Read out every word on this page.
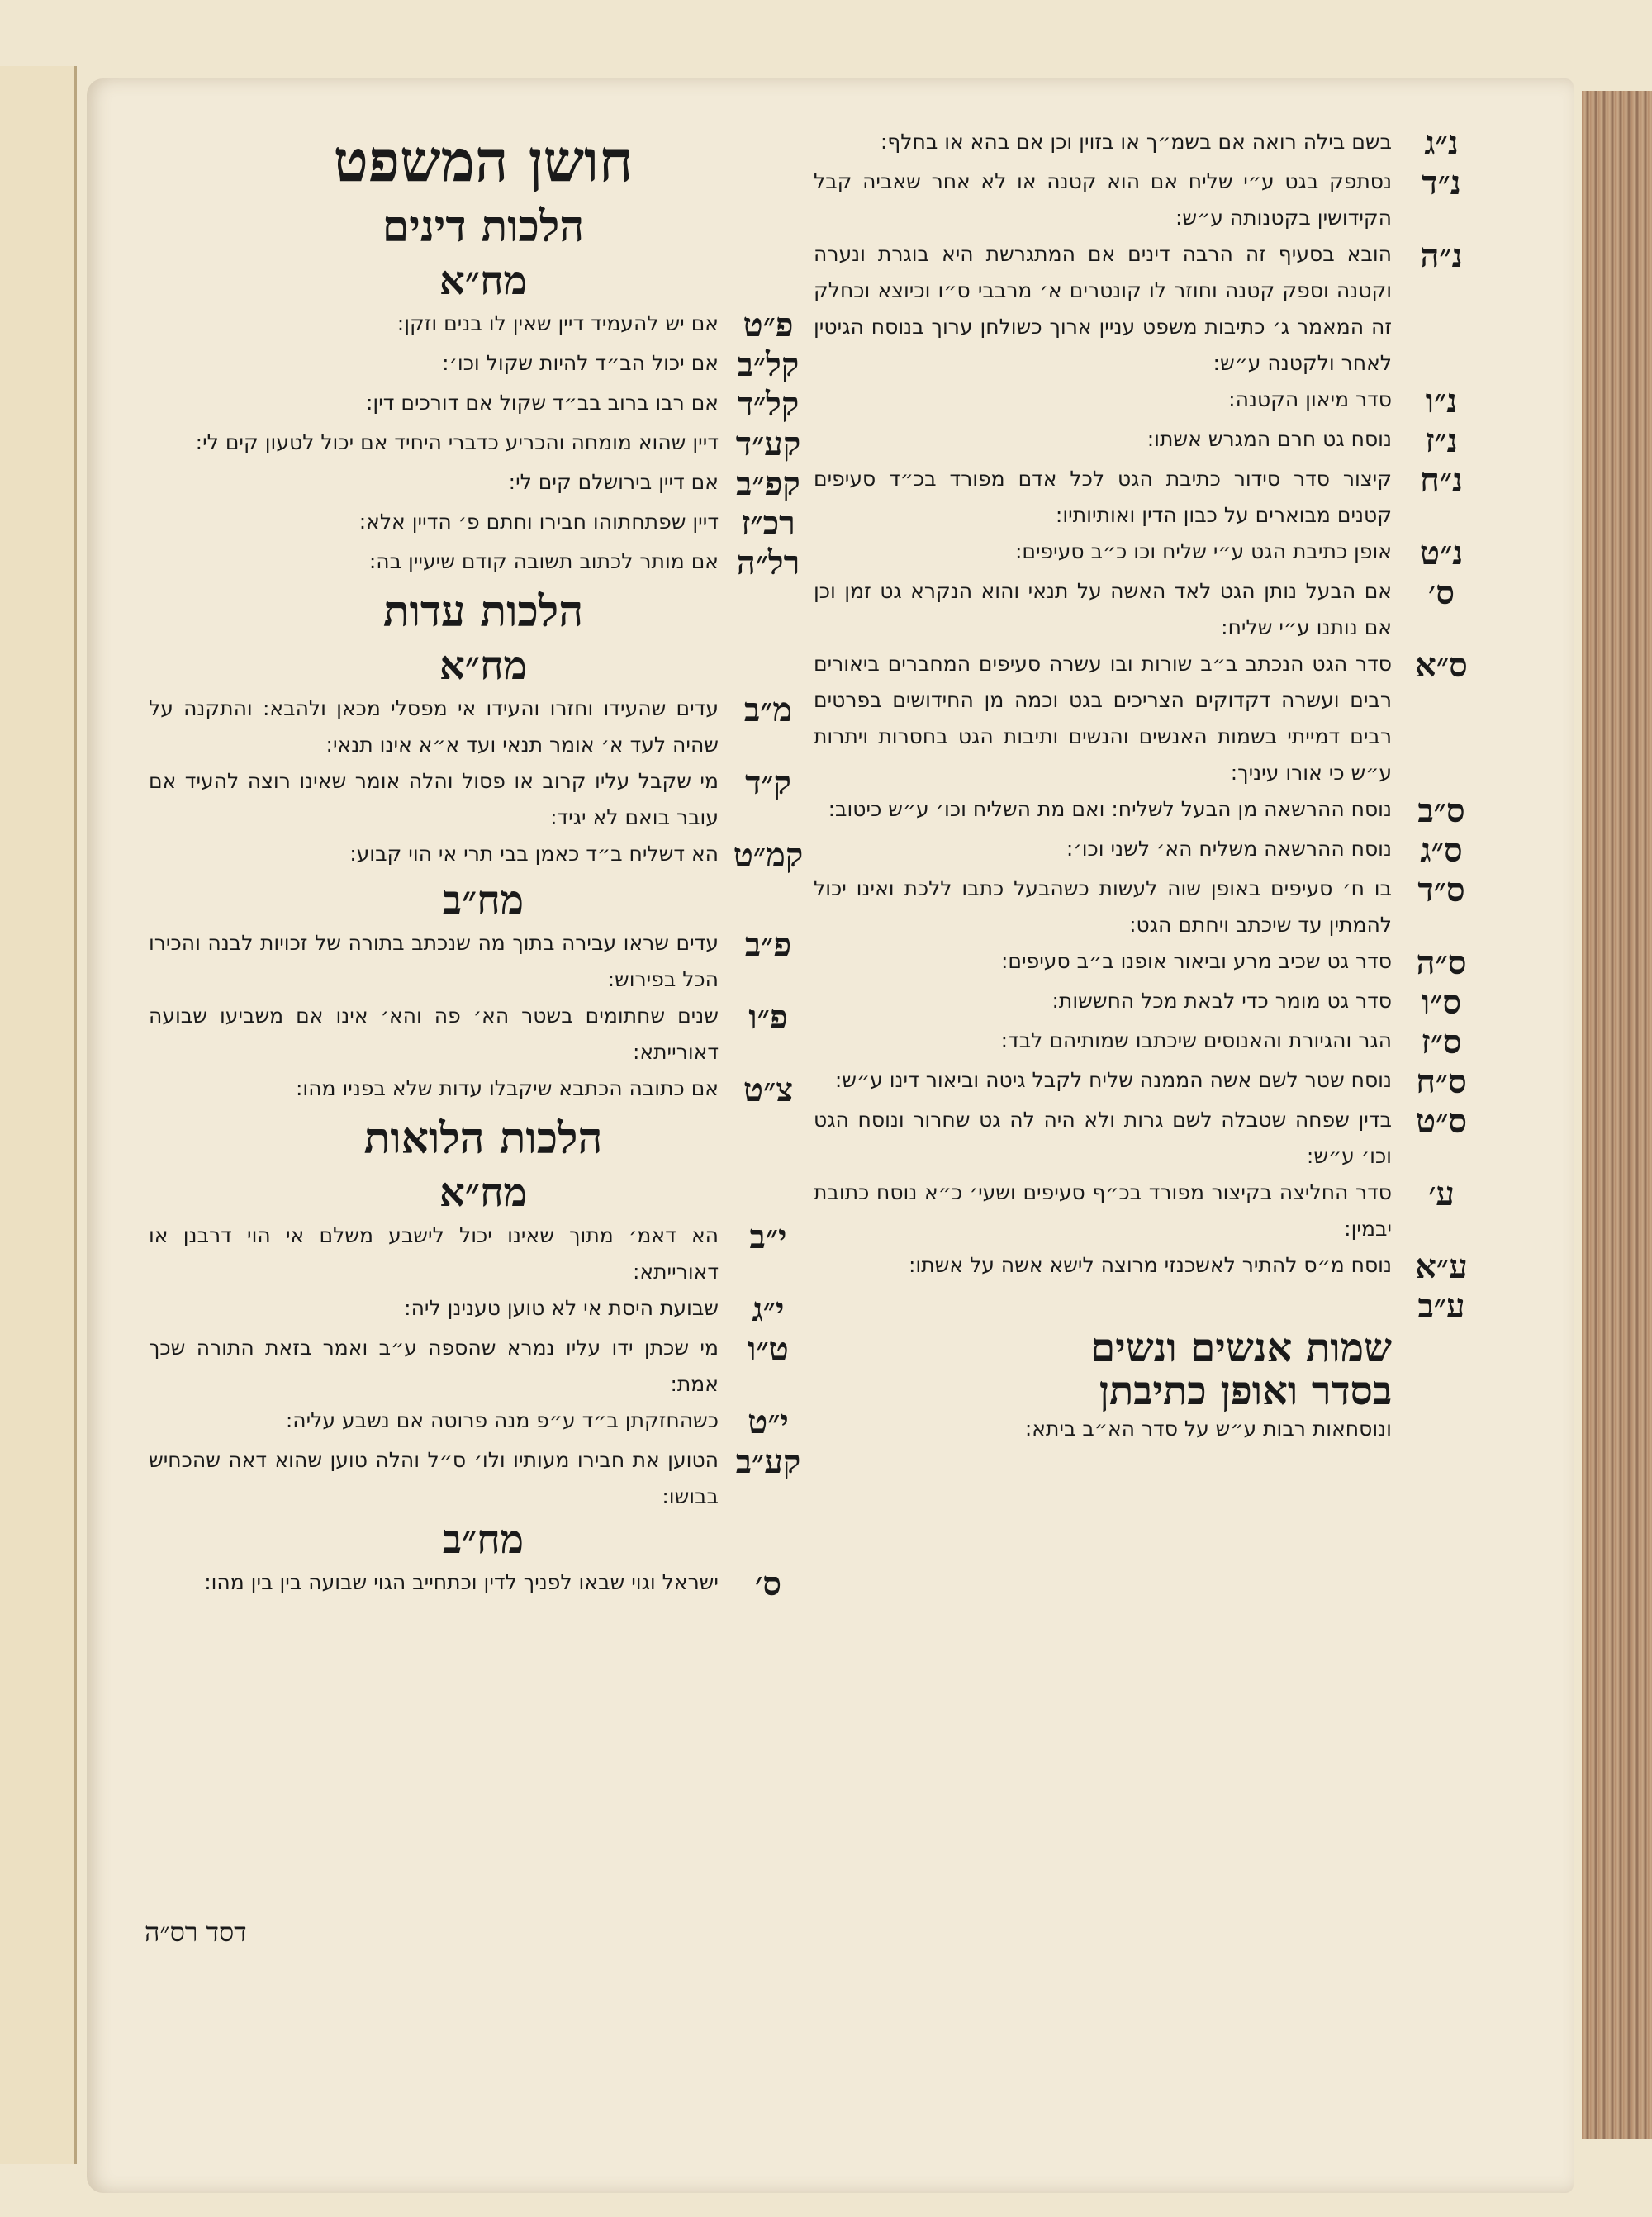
חושן המשפט
הלכות דינים
מח״א
פ״ט
אם יש להעמיד דיין שאין לו בנים וזקן:
קל״ב
אם יכול הב״ד להיות שקול וכו׳:
קל״ד
אם רבו ברוב בב״ד שקול אם דורכים דין:
קע״ד
דיין שהוא מומחה והכריע כדברי היחיד אם יכול לטעון קים לי:
קפ״ב
אם דיין בירושלם קים לי:
רכ״ז
דיין שפתחתוהו חבירו וחתם פ׳ הדיין אלא:
רל״ה
אם מותר לכתוב תשובה קודם שיעיין בה:
הלכות עדות
מח״א
מ״ב
עדים שהעידו וחזרו והעידו אי מפסלי מכאן ולהבא: והתקנה על שהיה לעד א׳ אומר תנאי ועד א״א אינו תנאי:
ק״ד
מי שקבל עליו קרוב או פסול והלה אומר שאינו רוצה להעיד אם עובר בואם לא יגיד:
קמ״ט
הא דשליח ב״ד כאמן בבי תרי אי הוי קבוע:
מח״ב
פ״ב
עדים שראו עבירה בתוך מה שנכתב בתורה של זכויות לבנה והכירו הכל בפירוש:
פ״ו
שנים שחתומים בשטר הא׳ פה והא׳ אינו אם משביעו שבועה דאורייתא:
צ״ט
אם כתובה הכתבא שיקבלו עדות שלא בפניו מהו:
הלכות הלואות
מח״א
י״ב
הא דאמ׳ מתוך שאינו יכול לישבע משלם אי הוי דרבנן או דאורייתא:
י״ג
שבועת היסת אי לא טוען טענינן ליה:
ט״ו
מי שכתן ידו עליו נמרא שהספה ע״ב ואמר בזאת התורה שכך אמת:
י״ט
כשהחזקתן ב״ד ע״פ מנה פרוטה אם נשבע עליה:
קע״ב
הטוען את חבירו מעותיו ולו׳ ס״ל והלה טוען שהוא דאה שהכחיש בבושו:
מח״ב
ס׳
ישראל וגוי שבאו לפניך לדין וכתחייב הגוי שבועה בין בין מהו:
דסד רס״ה
נ״ג
בשם בילה רואה אם בשמ״ך או בזוין וכן אם בהא או בחלף:
נ״ד
נסתפק בגט ע״י שליח אם הוא קטנה או לא אחר שאביה קבל הקידושין בקטנותה ע״ש:
נ״ה
הובא בסעיף זה הרבה דינים אם המתגרשת היא בוגרת ונערה וקטנה וספק קטנה וחוזר לו קונטרים א׳ מרבבי ס״ו וכיוצא וכחלק זה המאמר ג׳ כתיבות משפט עניין ארוך כשולחן ערוך בנוסח הגיטין לאחר ולקטנה ע״ש:
נ״ו
סדר מיאון הקטנה:
נ״ז
נוסח גט חרם המגרש אשתו:
נ״ח
קיצור סדר סידור כתיבת הגט לכל אדם מפורד בכ״ד סעיפים קטנים מבוארים על כבון הדין ואותיותיו:
נ״ט
אופן כתיבת הגט ע״י שליח וכו כ״ב סעיפים:
ס׳
אם הבעל נותן הגט לאד האשה על תנאי והוא הנקרא גט זמן וכן אם נותנו ע״י שליח:
ס״א
סדר הגט הנכתב ב״ב שורות ובו עשרה סעיפים המחברים ביאורים רבים ועשרה דקדוקים הצריכים בגט וכמה מן החידושים בפרטים רבים דמייתי בשמות האנשים והנשים ותיבות הגט בחסרות ויתרות ע״ש כי אורו עיניך:
ס״ב
נוסח ההרשאה מן הבעל לשליח: ואם מת השליח וכו׳ ע״ש כיטוב:
ס״ג
נוסח ההרשאה משליח הא׳ לשני וכו׳:
ס״ד
בו ח׳ סעיפים באופן שוה לעשות כשהבעל כתבו ללכת ואינו יכול להמתין עד שיכתב ויחתם הגט:
ס״ה
סדר גט שכיב מרע וביאור אופנו ב״ב סעיפים:
ס״ו
סדר גט מומר כדי לבאת מכל החששות:
ס״ז
הגר והגיורת והאנוסים שיכתבו שמותיהם לבד:
ס״ח
נוסח שטר לשם אשה הממנה שליח לקבל גיטה וביאור דינו ע״ש:
ס״ט
בדין שפחה שטבלה לשם גרות ולא היה לה גט שחרור ונוסח הגט וכו׳ ע״ש:
ע׳
סדר החליצה בקיצור מפורד בכ״ף סעיפים ושעי׳ כ״א נוסח כתובת יבמין:
ע״א
נוסח מ״ס להתיר לאשכנזי מרוצה לישא אשה על אשתו:
ע״ב
שמות אנשים ונשים
בסדר ואופן כתיבתן
ונוסחאות רבות ע״ש על סדר הא״ב ביתא:
